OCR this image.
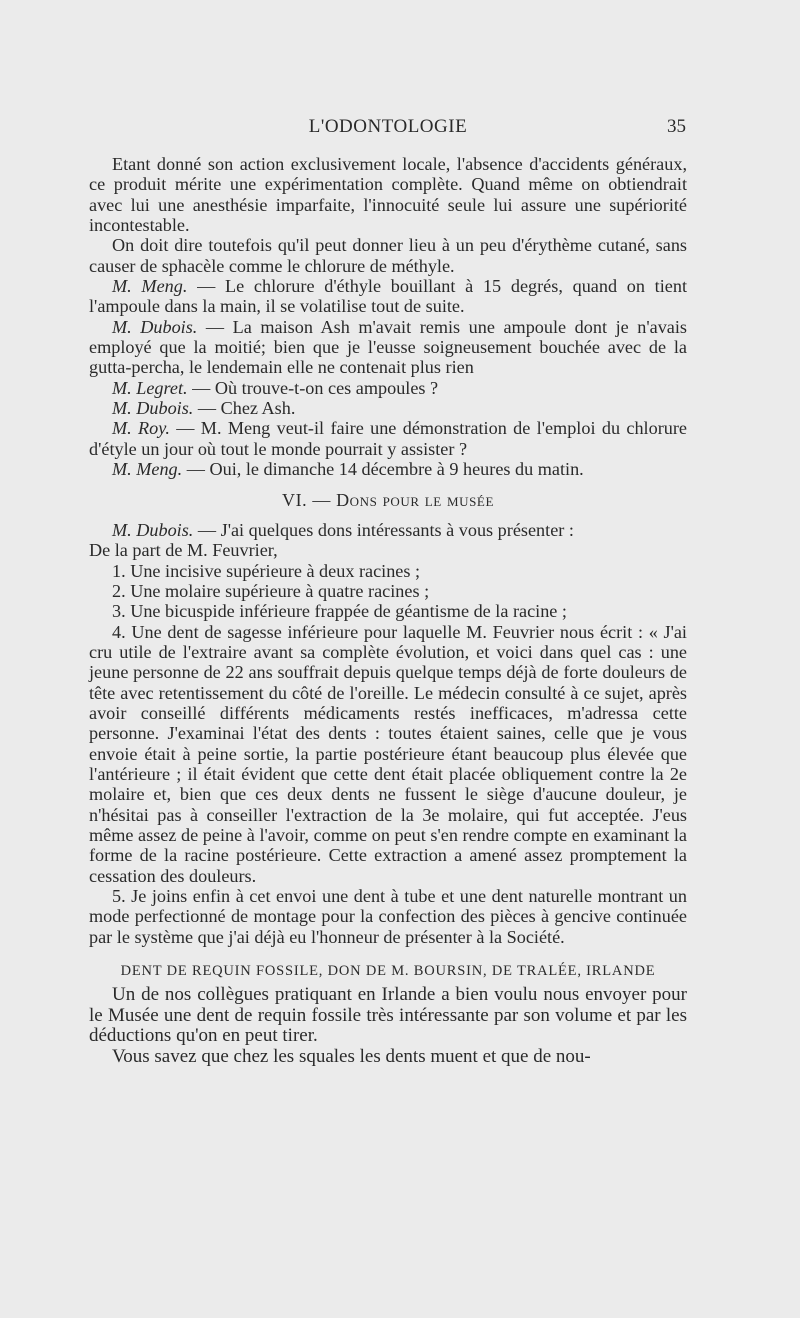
L'ODONTOLOGIE	35

Etant donné son action exclusivement locale, l'absence d'accidents généraux, ce produit mérite une expérimentation complète. Quand même on obtiendrait avec lui une anesthésie imparfaite, l'innocuité seule lui assure une supériorité incontestable.

On doit dire toutefois qu'il peut donner lieu à un peu d'érythème cutané, sans causer de sphacèle comme le chlorure de méthyle.

M. Meng. — Le chlorure d'éthyle bouillant à 15 degrés, quand on tient l'ampoule dans la main, il se volatilise tout de suite.

M. Dubois. — La maison Ash m'avait remis une ampoule dont je n'avais employé que la moitié; bien que je l'eusse soigneusement bouchée avec de la gutta-percha, le lendemain elle ne contenait plus rien

M. Legret. — Où trouve-t-on ces ampoules ?

M. Dubois. — Chez Ash.

M. Roy. — M. Meng veut-il faire une démonstration de l'emploi du chlorure d'étyle un jour où tout le monde pourrait y assister ?

M. Meng. — Oui, le dimanche 14 décembre à 9 heures du matin.

VI. — Dons pour le musée

M. Dubois. — J'ai quelques dons intéressants à vous présenter :

De la part de M. Feuvrier,

1. Une incisive supérieure à deux racines ;

2. Une molaire supérieure à quatre racines ;

3. Une bicuspide inférieure frappée de géantisme de la racine ;

4. Une dent de sagesse inférieure pour laquelle M. Feuvrier nous écrit : « J'ai cru utile de l'extraire avant sa complète évolution, et voici dans quel cas : une jeune personne de 22 ans souffrait depuis quelque temps déjà de forte douleurs de tête avec retentissement du côté de l'oreille. Le médecin consulté à ce sujet, après avoir conseillé différents médicaments restés inefficaces, m'adressa cette personne. J'examinai l'état des dents : toutes étaient saines, celle que je vous envoie était à peine sortie, la partie postérieure étant beaucoup plus élevée que l'antérieure ; il était évident que cette dent était placée obliquement contre la 2e molaire et, bien que ces deux dents ne fussent le siège d'aucune douleur, je n'hésitai pas à conseiller l'extraction de la 3e molaire, qui fut acceptée. J'eus même assez de peine à l'avoir, comme on peut s'en rendre compte en examinant la forme de la racine postérieure. Cette extraction a amené assez promptement la cessation des douleurs.

5. Je joins enfin à cet envoi une dent à tube et une dent naturelle montrant un mode perfectionné de montage pour la confection des pièces à gencive continuée par le système que j'ai déjà eu l'honneur de présenter à la Société.

DENT DE REQUIN FOSSILE, DON DE M. BOURSIN, DE TRALÉE, IRLANDE

Un de nos collègues pratiquant en Irlande a bien voulu nous envoyer pour le Musée une dent de requin fossile très intéressante par son volume et par les déductions qu'on en peut tirer.

Vous savez que chez les squales les dents muent et que de nou-
